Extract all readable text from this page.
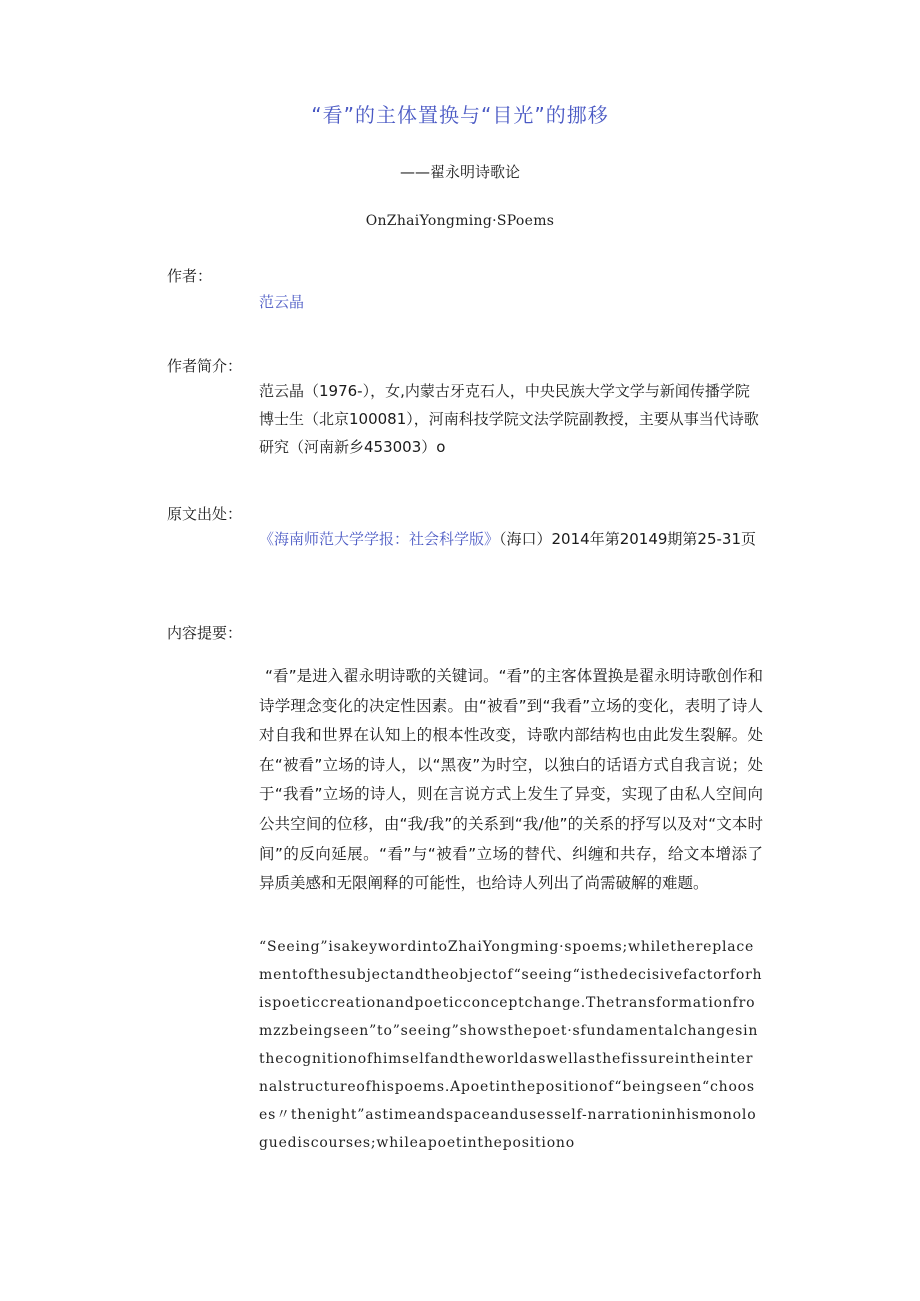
“看”的主体置换与“目光”的挪移
——翟永明诗歌论
OnZhaiYongming·SPoems
作者：
范云晶
作者简介：
范云晶（1976-），女,内蒙古牙克石人，中央民族大学文学与新闻传播学院博士生（北京100081），河南科技学院文法学院副教授，主要从事当代诗歌研究（河南新乡453003）o
原文出处：
《海南师范大学学报：社会科学版》（海口）2014年第20149期第25-31页
内容提要：
“看”是进入翟永明诗歌的关键词。“看”的主客体置换是翟永明诗歌创作和诗学理念变化的决定性因素。由“被看”到“我看”立场的变化，表明了诗人对自我和世界在认知上的根本性改变，诗歌内部结构也由此发生裂解。处在“被看”立场的诗人，以“黑夜”为时空，以独白的话语方式自我言说；处于“我看”立场的诗人，则在言说方式上发生了异变，实现了由私人空间向公共空间的位移，由“我/我”的关系到“我/他”的关系的抒写以及对“文本时间”的反向延展。“看”与“被看”立场的替代、纠缠和共存，给文本增添了异质美感和无限阐释的可能性，也给诗人列出了尚需破解的难题。
“Seeing”isakeywordintoZhaiYongming·spoems;whilethereplacementofthesubjectandtheobjectof“seeing“isthedecisivefactorforhispoeticcreationandpoeticconceptchange.Thetransformationfromzzbeingseen”to”seeing”showsthepoet·sfundamentalchangesinthecognitionofhimselfandtheworldaswellasthefissureintheinternalstructureofhispoems.Apoetinthepositionof“beingseen“chooses〃thenight”astimeandspaceandusesself-narrationinhismonologuediscourses;whileapoetinthepositiono
